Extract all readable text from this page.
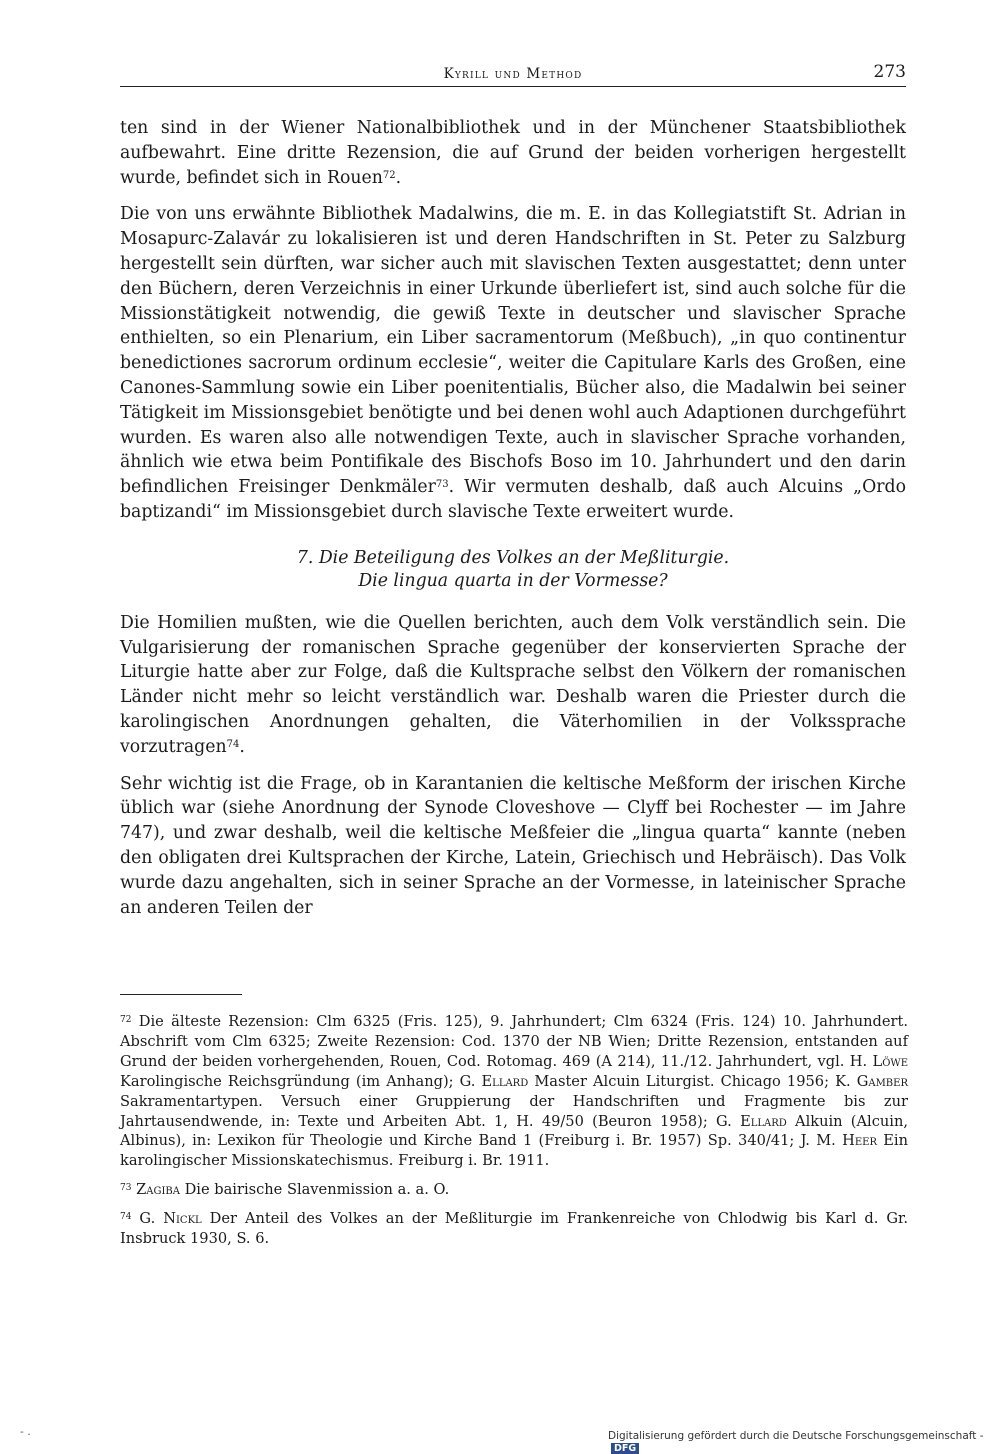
Kyrill und Method	273

ten sind in der Wiener Nationalbibliothek und in der Münchener Staatsbibliothek aufbewahrt. Eine dritte Rezension, die auf Grund der beiden vorherigen hergestellt wurde, befindet sich in Rouen$^{72}$.

Die von uns erwähnte Bibliothek Madalwins, die m. E. in das Kollegiatstift St. Adrian in Mosapurc-Zalavár zu lokalisieren ist und deren Handschriften in St. Peter zu Salzburg hergestellt sein dürften, war sicher auch mit slavischen Texten ausgestattet; denn unter den Büchern, deren Verzeichnis in einer Urkunde überliefert ist, sind auch solche für die Missionstätigkeit notwendig, die gewiß Texte in deutscher und slavischer Sprache enthielten, so ein Plenarium, ein Liber sacramentorum (Meßbuch), „in quo continentur benedictiones sacrorum ordinum ecclesie“, weiter die Capitulare Karls des Großen, eine Canones-Sammlung sowie ein Liber poenitentialis, Bücher also, die Madalwin bei seiner Tätigkeit im Missionsgebiet benötigte und bei denen wohl auch Adaptionen durchgeführt wurden. Es waren also alle notwendigen Texte, auch in slavischer Sprache vorhanden, ähnlich wie etwa beim Pontifikale des Bischofs Boso im 10. Jahrhundert und den darin befindlichen Freisinger Denkmäler$^{73}$. Wir vermuten deshalb, daß auch Alcuins „Ordo baptizandi“ im Missionsgebiet durch slavische Texte erweitert wurde.

7. Die Beteiligung des Volkes an der Meßliturgie.
Die lingua quarta in der Vormesse?

Die Homilien mußten, wie die Quellen berichten, auch dem Volk verständlich sein. Die Vulgarisierung der romanischen Sprache gegenüber der konservierten Sprache der Liturgie hatte aber zur Folge, daß die Kultsprache selbst den Völkern der romanischen Länder nicht mehr so leicht verständlich war. Deshalb waren die Priester durch die karolingischen Anordnungen gehalten, die Väterhomilien in der Volkssprache vorzutragen$^{74}$.

Sehr wichtig ist die Frage, ob in Karantanien die keltische Meßform der irischen Kirche üblich war (siehe Anordnung der Synode Cloveshove — Clyff bei Rochester — im Jahre 747), und zwar deshalb, weil die keltische Meßfeier die „lingua quarta“ kannte (neben den obligaten drei Kultsprachen der Kirche, Latein, Griechisch und Hebräisch). Das Volk wurde dazu angehalten, sich in seiner Sprache an der Vormesse, in lateinischer Sprache an anderen Teilen der

$^{72}$ Die älteste Rezension: Clm 6325 (Fris. 125), 9. Jahrhundert; Clm 6324 (Fris. 124) 10. Jahrhundert. Abschrift vom Clm 6325; Zweite Rezension: Cod. 1370 der NB Wien; Dritte Rezension, entstanden auf Grund der beiden vorhergehenden, Rouen, Cod. Rotomag. 469 (A 214), 11./12. Jahrhundert, vgl. H. Löwe Karolingische Reichsgründung (im Anhang); G. Ellard Master Alcuin Liturgist. Chicago 1956; K. Gamber Sakramentartypen. Versuch einer Gruppierung der Handschriften und Fragmente bis zur Jahrtausendwende, in: Texte und Arbeiten Abt. 1, H. 49/50 (Beuron 1958); G. Ellard Alkuin (Alcuin, Albinus), in: Lexikon für Theologie und Kirche Band 1 (Freiburg i. Br. 1957) Sp. 340/41; J. M. Heer Ein karolingischer Missionskatechismus. Freiburg i. Br. 1911.

$^{73}$ Zagiba Die bairische Slavenmission a. a. O.

$^{74}$ G. Nickl Der Anteil des Volkes an der Meßliturgie im Frankenreiche von Chlodwig bis Karl d. Gr. Insbruck 1930, S. 6.

- .	Digitalisierung gefördert durch die Deutsche Forschungsgemeinschaft -DFG
